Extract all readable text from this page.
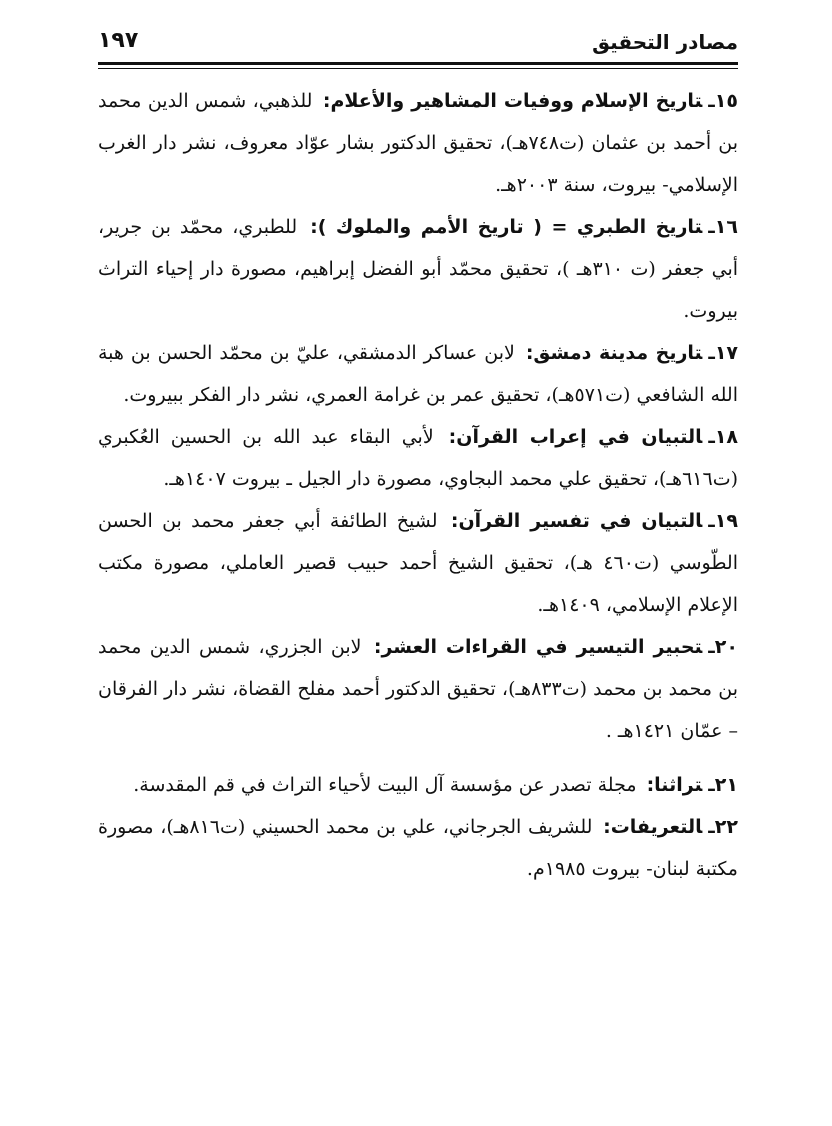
مصادر التحقيق
١٩٧

١٥ـتاريخ الإسلام ووفيات المشاهير والأعلام: للذهبي، شمس الدين محمد بن أحمد بن عثمان (ت٧٤٨هـ)، تحقيق الدكتور بشار عوّاد معروف، نشر دار الغرب الإسلامي- بيروت، سنة ٢٠٠٣هـ.

١٦ـتاريخ الطبري = ( تاريخ الأمم والملوك ): للطبري، محمّد بن جرير، أبي جعفر (ت ٣١٠هـ )، تحقيق محمّد أبو الفضل إبراهيم، مصورة دار إحياء التراث بيروت.

١٧ـتاريخ مدينة دمشق: لابن عساكر الدمشقي، عليّ بن محمّد الحسن بن هبة الله الشافعي (ت٥٧١هـ)، تحقيق عمر بن غرامة العمري، نشر دار الفكر ببيروت.

١٨ـالتبيان في إعراب القرآن: لأبي البقاء عبد الله بن الحسين العُكبري (ت٦١٦هـ)، تحقيق علي محمد البجاوي، مصورة دار الجيل ـ بيروت ١٤٠٧هـ.

١٩ـالتبيان في تفسير القرآن: لشيخ الطائفة أبي جعفر محمد بن الحسن الطّوسي (ت٤٦٠ هـ)، تحقيق الشيخ أحمد حبيب قصير العاملي، مصورة مكتب الإعلام الإسلامي، ١٤٠٩هـ.

٢٠ـتحبير التيسير في القراءات العشر: لابن الجزري، شمس الدين محمد بن محمد بن محمد (ت٨٣٣هـ)، تحقيق الدكتور أحمد مفلح القضاة، نشر دار الفرقان – عمّان ١٤٢١هـ .

٢١ـتراثنا: مجلة تصدر عن مؤسسة آل البيت لأحياء التراث في قم المقدسة.

٢٢ـالتعريفات: للشريف الجرجاني، علي بن محمد الحسيني (ت٨١٦هـ)، مصورة مكتبة لبنان- بيروت ١٩٨٥م.
